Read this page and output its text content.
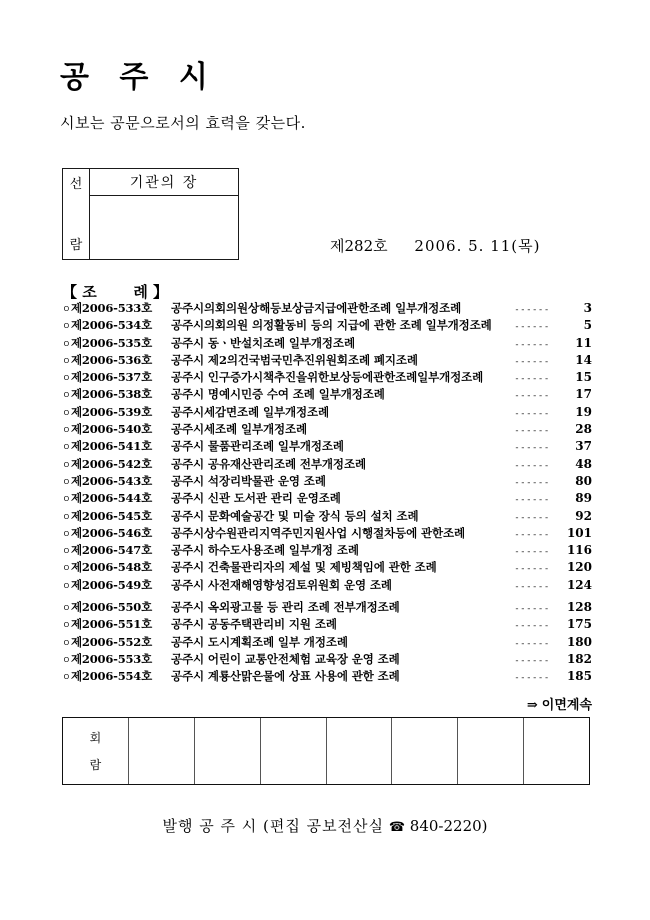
공 주 시
시보는 공문으로서의 효력을 갖는다.
선
람
기관의 장
제282호 2006. 5. 11(목)
【 조 례 】
ㅇ 제2006-533호	공주시의회의원상해등보상금지급에관한조례 일부개정조례	------	3
ㅇ 제2006-534호	공주시의회의원 의정활동비 등의 지급에 관한 조례 일부개정조례	------	5
ㅇ 제2006-535호	공주시 동ㆍ반설치조례 일부개정조례	------	11
ㅇ 제2006-536호	공주시 제2의건국범국민추진위원회조례 폐지조례	------	14
ㅇ 제2006-537호	공주시 인구증가시책추진을위한보상등에관한조례일부개정조례	------	15
ㅇ 제2006-538호	공주시 명예시민증 수여 조례 일부개정조례	------	17
ㅇ 제2006-539호	공주시세감면조례 일부개정조례	------	19
ㅇ 제2006-540호	공주시세조례 일부개정조례	------	28
ㅇ 제2006-541호	공주시 물품관리조례 일부개정조례	------	37
ㅇ 제2006-542호	공주시 공유재산관리조례 전부개정조례	------	48
ㅇ 제2006-543호	공주시 석장리박물관 운영 조례	------	80
ㅇ 제2006-544호	공주시 신관 도서관 관리 운영조례	------	89
ㅇ 제2006-545호	공주시 문화예술공간 및 미술 장식 등의 설치 조례	------	92
ㅇ 제2006-546호	공주시상수원관리지역주민지원사업 시행절차등에 관한조례	------	101
ㅇ 제2006-547호	공주시 하수도사용조례 일부개정 조례	------	116
ㅇ 제2006-548호	공주시 건축물관리자의 제설 및 제빙책임에 관한 조례	------	120
ㅇ 제2006-549호	공주시 사전재해영향성검토위원회 운영 조례	------	124
ㅇ 제2006-550호	공주시 옥외광고물 등 관리 조례 전부개정조례	------	128
ㅇ 제2006-551호	공주시 공동주택관리비 지원 조례	------	175
ㅇ 제2006-552호	공주시 도시계획조례 일부 개정조례	------	180
ㅇ 제2006-553호	공주시 어린이 교통안전체험 교육장 운영 조례	------	182
ㅇ 제2006-554호	공주시 계룡산맑은물에 상표 사용에 관한 조례	------	185
⇒ 이면계속
회
람
발행 공 주 시 (편집 공보전산실 ☎ 840-2220)
